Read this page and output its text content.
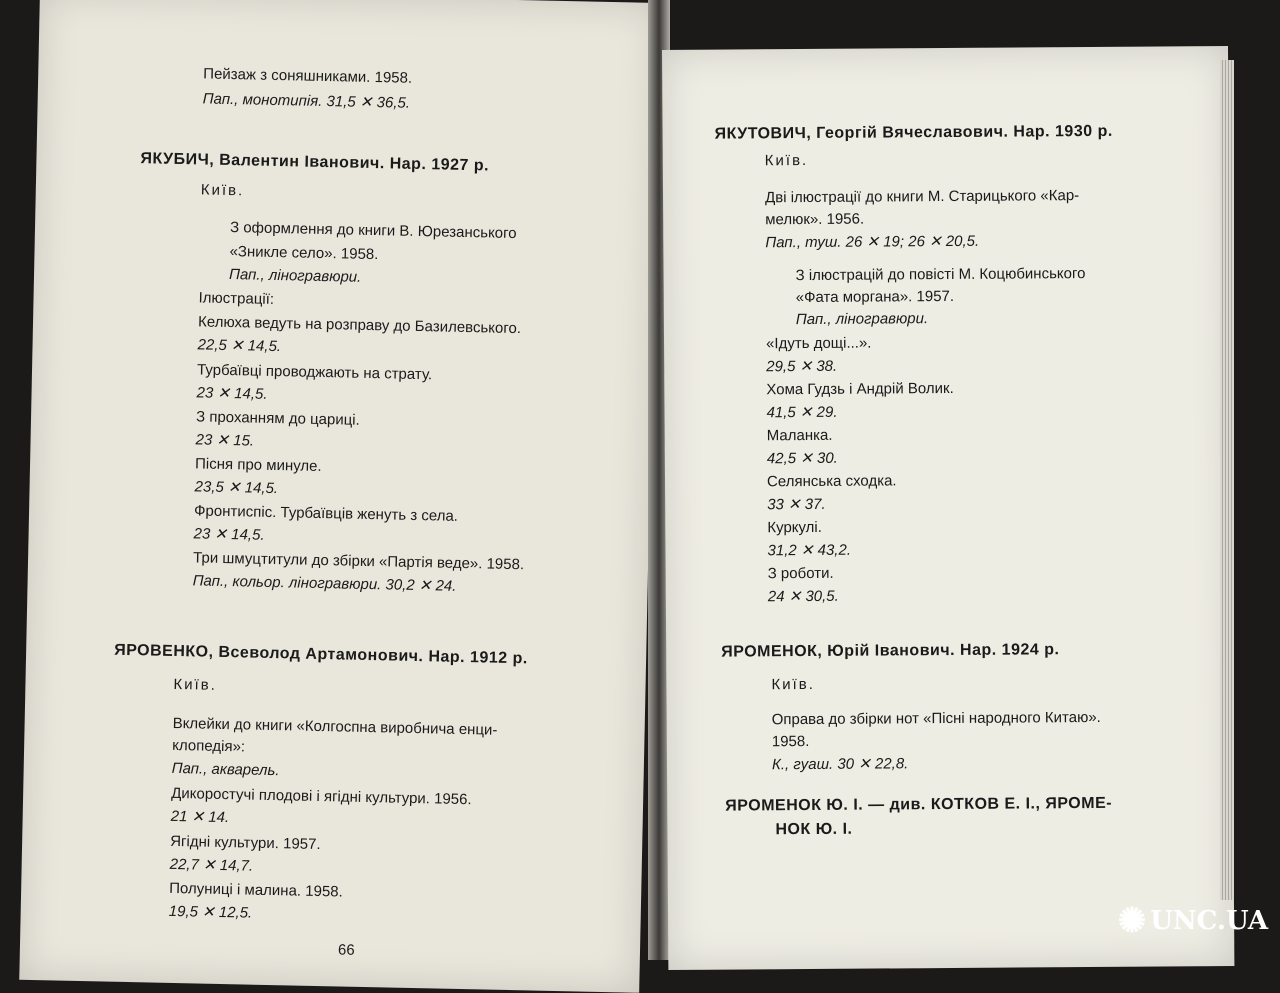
Пейзаж з соняшниками. 1958.
Пап., монотипія. 31,5 ✕ 36,5.
ЯКУБИЧ, Валентин Іванович. Нар. 1927 р.
Київ.
З оформлення до книги В. Юрезанського
«Зникле село». 1958.
Пап., ліногравюри.
Ілюстрації:
Келюха ведуть на розправу до Базилевського.
22,5 ✕ 14,5.
Турбаївці проводжають на страту.
23 ✕ 14,5.
З проханням до цариці.
23 ✕ 15.
Пісня про минуле.
23,5 ✕ 14,5.
Фронтиспіс. Турбаївців женуть з села.
23 ✕ 14,5.
Три шмуцтитули до збірки «Партія веде». 1958.
Пап., кольор. ліногравюри. 30,2 ✕ 24.
ЯРОВЕНКО, Всеволод Артамонович. Нар. 1912 р.
Київ.
Вклейки до книги «Колгоспна виробнича енци-
клопедія»:
Пап., акварель.
Дикоростучі плодові і ягідні культури. 1956.
21 ✕ 14.
Ягідні культури. 1957.
22,7 ✕ 14,7.
Полуниці і малина. 1958.
19,5 ✕ 12,5.
66
ЯКУТОВИЧ, Георгій Вячеславович. Нар. 1930 р.
Київ.
Дві ілюстрації до книги М. Старицького «Кар-
мелюк». 1956.
Пап., туш. 26 ✕ 19; 26 ✕ 20,5.
З ілюстрацій до повісті М. Коцюбинського
«Фата моргана». 1957.
Пап., ліногравюри.
«Ідуть дощі...».
29,5 ✕ 38.
Хома Гудзь і Андрій Волик.
41,5 ✕ 29.
Маланка.
42,5 ✕ 30.
Селянська сходка.
33 ✕ 37.
Куркулі.
31,2 ✕ 43,2.
З роботи.
24 ✕ 30,5.
ЯРОМЕНОК, Юрій Іванович. Нар. 1924 р.
Київ.
Оправа до збірки нот «Пісні народного Китаю».
1958.
К., гуаш. 30 ✕ 22,8.
ЯРОМЕНОК Ю. І. — див. КОТКОВ Е. І., ЯРОМЕ-
НОК Ю. І.
✺ UNC.UA
